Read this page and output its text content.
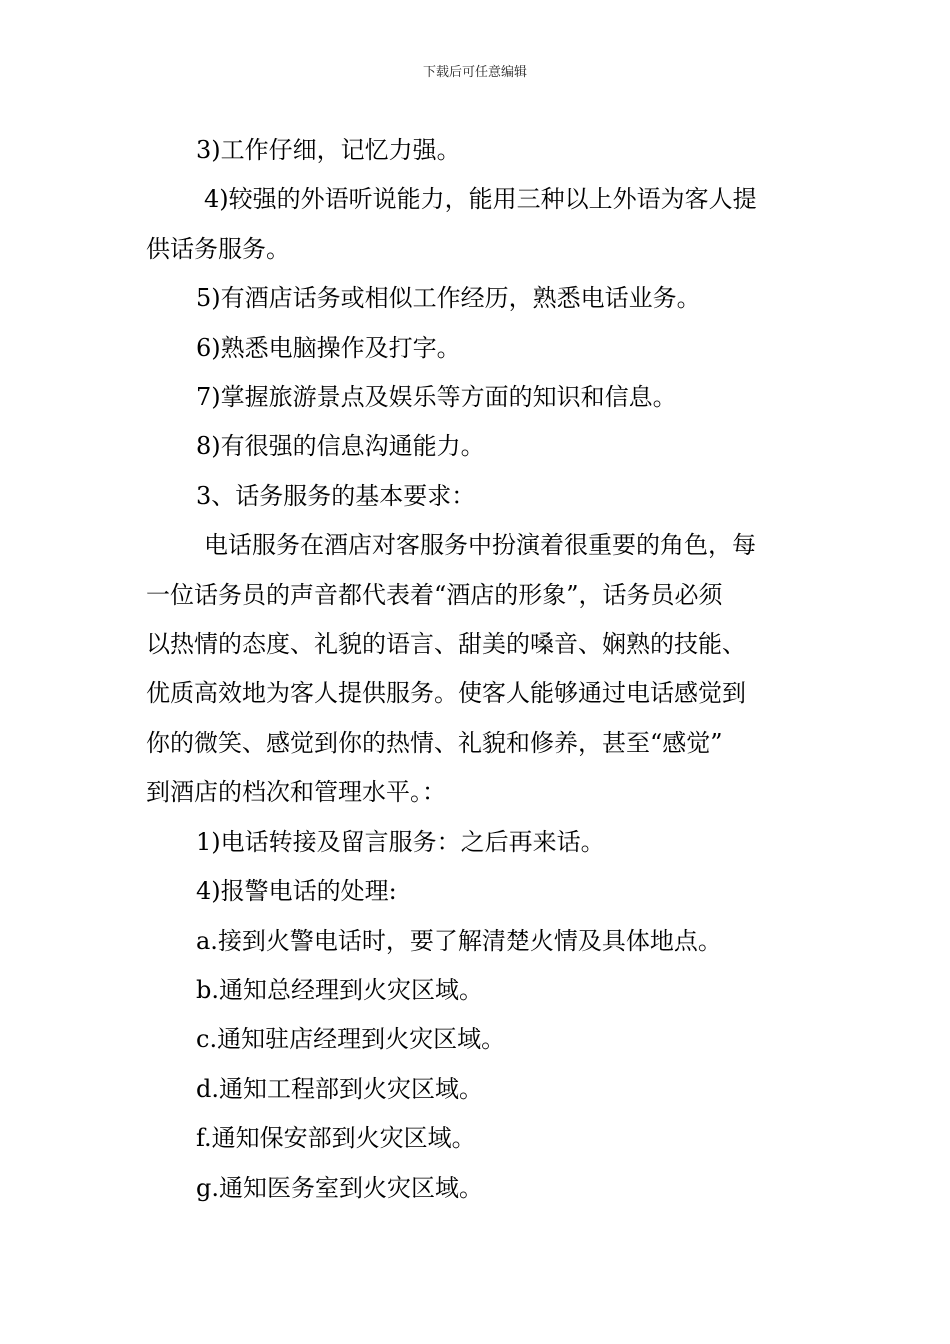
下载后可任意编辑

3)工作仔细，记忆力强。

4)较强的外语听说能力，能用三种以上外语为客人提

供话务服务。

5)有酒店话务或相似工作经历，熟悉电话业务。

6)熟悉电脑操作及打字。

7)掌握旅游景点及娱乐等方面的知识和信息。

8)有很强的信息沟通能力。

3、话务服务的基本要求：

电话服务在酒店对客服务中扮演着很重要的角色，每

一位话务员的声音都代表着“酒店的形象”，话务员必须

以热情的态度、礼貌的语言、甜美的嗓音、娴熟的技能、

优质高效地为客人提供服务。使客人能够通过电话感觉到

你的微笑、感觉到你的热情、礼貌和修养，甚至“感觉”

到酒店的档次和管理水平。：

1)电话转接及留言服务：之后再来话。

4)报警电话的处理:

a.接到火警电话时，要了解清楚火情及具体地点。

b.通知总经理到火灾区域。

c.通知驻店经理到火灾区域。

d.通知工程部到火灾区域。

f.通知保安部到火灾区域。

g.通知医务室到火灾区域。
